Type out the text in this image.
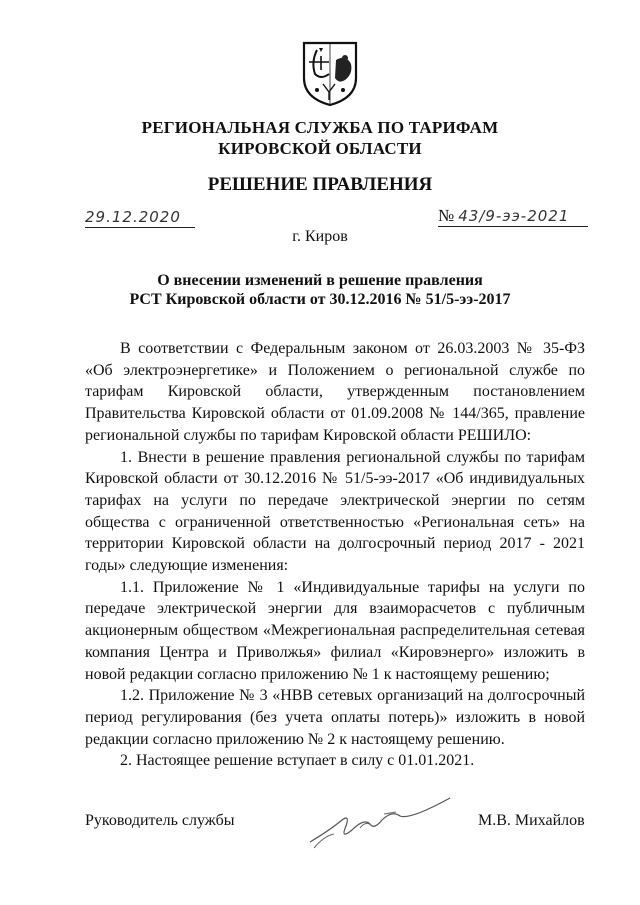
РЕГИОНАЛЬНАЯ СЛУЖБА ПО ТАРИФАМ
КИРОВСКОЙ ОБЛАСТИ
РЕШЕНИЕ ПРАВЛЕНИЯ
29.12.2020	№ 43/9-ээ-2021
г. Киров
О внесении изменений в решение правления
РСТ Кировской области от 30.12.2016 № 51/5-ээ-2017

В соответствии с Федеральным законом от 26.03.2003 № 35-ФЗ «Об электроэнергетике» и Положением о региональной службе по тарифам Кировской области, утвержденным постановлением Правительства Кировской области от 01.09.2008 № 144/365, правление региональной службы по тарифам Кировской области РЕШИЛО:

1. Внести в решение правления региональной службы по тарифам Кировской области от 30.12.2016 № 51/5-ээ-2017 «Об индивидуальных тарифах на услуги по передаче электрической энергии по сетям общества с ограниченной ответственностью «Региональная сеть» на территории Кировской области на долгосрочный период 2017 - 2021 годы» следующие изменения:

1.1. Приложение № 1 «Индивидуальные тарифы на услуги по передаче электрической энергии для взаиморасчетов с публичным акционерным обществом «Межрегиональная распределительная сетевая компания Центра и Приволжья» филиал «Кировэнерго» изложить в новой редакции согласно приложению № 1 к настоящему решению;

1.2. Приложение № 3 «НВВ сетевых организаций на долгосрочный период регулирования (без учета оплаты потерь)» изложить в новой редакции согласно приложению № 2 к настоящему решению.

2. Настоящее решение вступает в силу с 01.01.2021.

Руководитель службы	М.В. Михайлов
